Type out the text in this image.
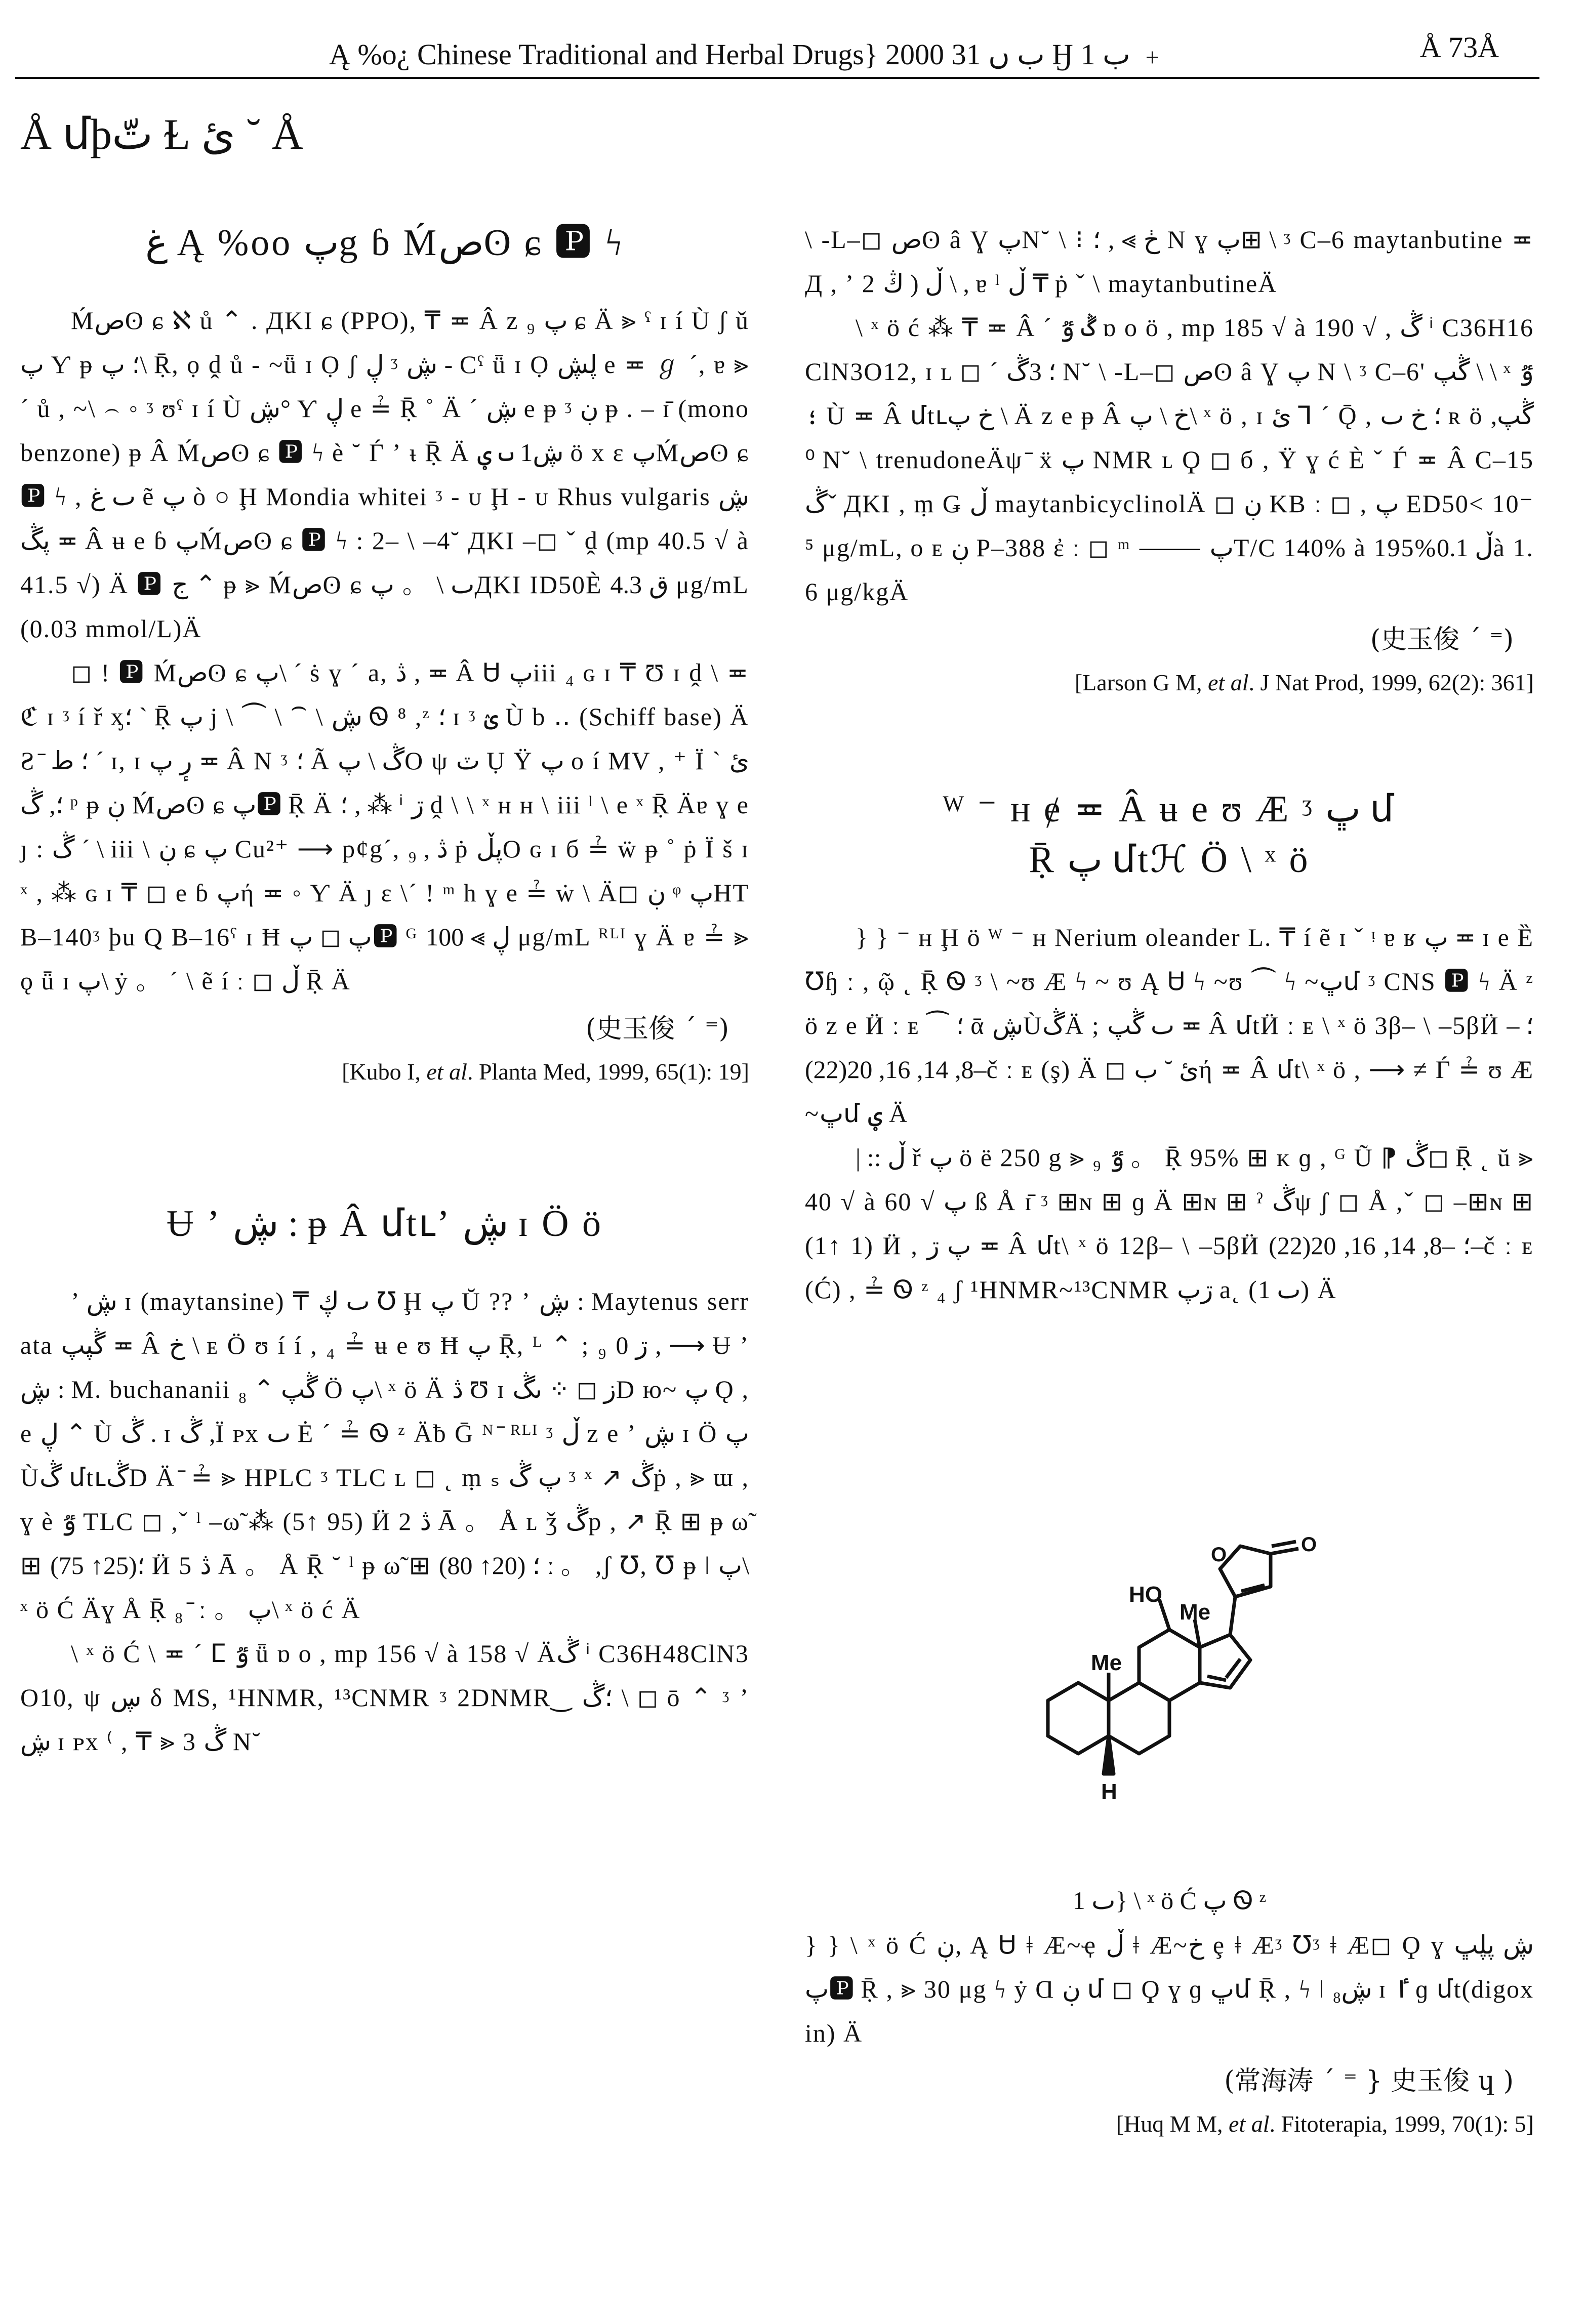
Ą %o¿ Chinese Traditional and Herbal Drugs} 2000 ب ں 31 Ӈ ب 1 ﹢	Å 73Å
Å մþتّ Ɫ ئ ˘ Å
غ Ą %oo پg ɓ Ḿصʘ ɕ 🅿 ϟ

Ḿصʘ ɕ ℵ ů ⌃ . ДKI ɕ (PPO), ₸ ≖ Â z ₉ پ ɕ Ä ⪢ ˤ ɪ í Ù ʃ ǔ پ Ƴ ᵽ ؛ پ\ Ṝ, ọ ḓ ů ‐ ~ǖ ɪ Ọ ʃ ڸ ᶾ ڜ ‐ Cˤ ǖ ɪ Ọ ڸڜ e ≖ ℊ ´, ɐ ⪢ ´ ů , ~\ ⌢ ◦ ᶾ ʊˤ ɪ í Ù ڜ° Ƴ ڸ e ≟ Ṝ ˚ Ä ˊ ڜ e ᵽ ᶾ ڹ ᵽ . – ɪ̄ (monobenzone) ᵽ Â Ḿصʘ ɕ 🅿 ϟ è ˘ Ѓ ʼ ᵼ Ṝ Ä ڜ1 ٮ ؠ ӧ x ɛ پḾصʘ ɕ 🅿 ϟ , ٮ غ ẽ پ ò ○ Ḩ Mondia whitei ᶾ ‐ ᴜ Ḩ ‐ ᴜ Rhus vulgaris ڜ پڴ ≖ Â ʉ e ɓ پḾصʘ ɕ 🅿 ϟ : 2– \ –4˘ ДKI –◻ ˇ ḓ (mp 40.5 √ à 41.5 √) Ä 🅿 ج ⌃ ᵽ ⪢ Ḿصʘ ɕ ٮ \ 。 پДKI ID50È ق 4.3 μg/mL(0.03 mmol/L)Ä

◻ ! 🅿 Ḿصʘ ɕ پ\ ˊ ṡ ɣ ´ a, ڎ , ≖ Â Ꮜ پiii ₄ ɢ ɪ ₸ Ʊ ɪ ḓ \ ≖ ℭ ɪ ᶾ í ř ᶍ؛ ` Ṝ پ j \ ⏜ \ ⁀ \ ڜ Ꮻ ⁸ ,ᶻ ؛ ɪ ᶾ ؽ Ù b ‥ (Schiff base) Ä Ƨ ̄ ؛ ط ´ ɪ, ɪ رٕ پ ≖ Â N ᶾ ؛ Ã ڴ \ پO ψ ٽ Ụ Ÿ پ o í MV , ⁺ Ï ` ئ ؛, ڴ ᵖ ᵽ ڹ Ḿصʘ ɕ پ🅿 Ṝ Ä ؛ , ⁂ ⁱ ڗ ḓ \ \ ˣ ʜ ʜ \ iii ˡ \ e ˣ Ṝ Äɐ ɣ e ȷ : ڴ ´ \ iii \ ڹ ɕ پ Cu²⁺ ⟶ p¢g´, ڎ , ₉ ṗ پڵO ɢ ɪ б ≟ ẅ ᵽ ˚ ṗ Ï š ɪ ˣ , ⁂ ɢ ɪ ₸ ◻ e ɓ پή ≖ ◦ Ƴ Ä ȷ ɛ \´ ! ᵐ h ɣ e ≟ ẇ \ Ä◻ ڹ ᵠ پHTB–140ᶾ þu Q B–16ˤ ɪ Ħ پ ◻ پ🅿 ᴳ ڸ ⪢ 100 μg/mL ᴿᴸᴵ ɣ Ä ɐ ≟ ⪢ ǫ ǖ ɪ پ\ ẏ 。 ´ \ ẽ í ː ◻ ڵ Ṝ Ä

(史玉俊 ˊ ⁼)
[Kubo I, et al. Planta Med, 1999, 65(1): 19]
Ʉ ʼ ڜ : ᵽ Â մtւʼ ڜ ɪ Ӧ ӧ

ʼ ڜ ɪ (maytansine) ₸ ٮ ڮ ℧ Ḩ پ Ŭ ?? ʼ ڜ : Maytenus serrata ڴپپ ≖ Â خ \ ᴇ Ӧ ʊ í í , ₄ ≟ ʉ e ʊ Ħ پ Ṝ, ᴸ ⌃ ; ₉ ڗ 0 , ⟶ Ʉ ʼ ڜ : M. buchananii ڴپ ⌃ ₈ Ӧ پ\ ˣ ӧ Ä ڎ Ʊ ɪ ز ◻ ⁘ ٮڴD ю~ پ Ǫ , e ڸ ⌃ Ù ڴ . ɪ ڴ ,Ï ᴘx ٮ Ė ´ ≟ Ꮻ ᶻ Äƀ Ḡ ᴺ ̄ ᴿᴸᴵ ᶾ ڵ z e ʼ ڜ ɪ Ӧ پ Ùڴ մtւڴD Ä ̄ ≟ ⪢ HPLC ᶾ TLC ʟ ◻ ˛ ṃ ₛ پ ڴ ᶾ ˣ ↗ ڴṗ , ⪢ ɯ , ɣ è ٷ TLC ◻ ,ˇ ˡ –ω̃ ⁂ (5↑ 95) Ӥ 2 ڎ Ā 。 Å ʟ ǯ ڴp , ↗ Ṝ ⊞ ᵽ ω̃ ⊞ ؛(25↑ 75) Ӥ 5 ڎ Ā 。 Å Ṝ ˘ ˡ ᵽ ω̃ ⊞ ؛ (20↑ 80) ː 。 ,ʃ ℧, ℧ ᵽ ǀ پ\ ˣ ӧ Ć Äɣ Å Ṝ ₈ ̄ ː 。 پ\ ˣ ӧ ć Ä

\ ˣ ӧ Ć \ ≖ ´ ⵎ ٷ ǖ ɒ o , mp 156 √ à 158 √ Äڴ ⁱ C36H48ClN3O10, ψ ڛ δ MS, ¹HNMR, ¹³CNMR ᶾ 2DNMR‿ ؛ڴ \ ◻ ō ⌃ ᶾ ʼ ڜ ɪ ᴘx ⁽ , ₸ ⪢ 3 ڴ N˘

\ ‐L–◻ صʘ â Ɣ پN˘ \ ⁝ ڂ ⪢ , ؛ N ɣ پ⊞ \ ᶾ C–6 maytanbutine ≖ Д , ʼ 2 ڵ ( ڭ \ , ɐ ˡ ڵ ₸ ṗ ˇ \ maytanbutineÄ

\ ˣ ӧ ć ⁂ ₸ ≖ Â ´ ڴ ٷ ɒ o ӧ , mp 185 √ à 190 √ , ڴ ⁱ C36H16ClN3O12, ɪ ʟ ◻ ´ ؛ 3ڴ N˘ \ ‐L–◻ صʘ â Ɣ پ N \ ᶾ C–6' ڴپ \ \ ˣ ٷ ؛ Ù ≖ Â մtւخ پ \ Ä z e ᵽ Â خ \ پ\ ˣ ӧ , ɪ ئ Ꞁ ˊ Ǭ , ؛ خ ٮ ʀ ӧ ڴپ, ⁰ N˘ \ trenudoneÄψ ̄ ẍ پ NMR ʟ Ϙ ◻ б , Ÿ ɣ ć È ˇ Ѓ ≖ Â C–15 ڴˇ ДKI , ṃ Ǥ ڵ maytanbicyclinolÄ ◻ ڹ KB ː ◻ , پ ED50< 10⁻⁵ μg/mL, ᴏ ᴇ ڹ P–388 ἐ ː ◻ ᵐ ⸻ پT/C 140% à 195%ڵ 0.1à 1.6 μg/kgÄ

(史玉俊 ˊ ⁼)
[Larson G M, et al. J Nat Prod, 1999, 62(2): 361]
ᵂ ⁻ ʜ ɇ ≖ Â ʉ e ʊ Æ ᶾ ڀ մ
Ṝ پ մtℋ Ӧ \ ˣ ӧ

} } ⁻ ʜ Ḩ ӧ ᵂ ⁻ ʜ Nerium oleander L. ₸ í ẽ ɪ ˇ ᵎ ɐ ʁ پ ≖ ɪ e Ȅ ℧ɧ ː , ῷ ˛ Ṝ Ꮻ ᶾ \ ~ʊ Æ ϟ ~ ʊ Ą Ꮜ ϟ ~ʊ ⏜ ϟ ~ڀմ ᶾ CNS 🅿 ϟ Ä ᶻ ӧ z e Ӥ ː ᴇ ⁀ ؛ ᾱ ڜÙڴÄ ; ٮ ڴپ ≖ Â մtӤ ː ᴇ \ ˣ ӧ 3β– \ –5βӤ ؛ –8, 14, 16, 20(22)–č ː ᴇ (ş) Ä ◻ ئ ˘ بή ≖ Â մt\ ˣ ӧ , ⟶ ≠ Ѓ ≟ ʊ Æ~ڀմ ؠ Ä

| :: ڵ ř پ ӧ ë 250 g ⪢ ₉ ٷ 。 Ṝ 95% ⊞ ᴋ ɡ , ᴳ Ũ ⁋ ڴ◻ Ṝ ˛ ŭ ⪢ 40 √ à 60 √ پ ß Å ɪ̄ ᶾ ⊞ɴ ⊞ ɡ Ä ⊞ɴ ⊞ ˀ ڴψ ʃ ◻ Å ,ˇ ◻ –⊞ɴ ⊞ (1↑ 1) Ӥ , پ ڗ ≖ Â մt\ ˣ ӧ 12β– \ –5βӤ ؛ –8, 14, 16, 20(22)–č ː ᴇ (Ć) , ≟ Ꮻ ᶻ ₄ ʃ ¹HNMR~¹³CNMR ڗپ a˛ (ٮ 1) Ä

HO
Me
Me
H
O	O
ٮ 1} \ ˣ ӧ Ć پ Ꮻ ᶻ

} } \ ˣ ӧ Ć ڹ, Ą Ꮜ ǂ Æ~ҿ ڵ ǂ Æ~خ ȩ ǂ Æᶾ ℧ᶾ ǂ Æ◻ Ϙ ɣ ڜ پڸڀ پ🅿 Ṝ , ⪢ 30 μg ϟ ẏ Ɑ ڹ մ ◻ Ϙ ɣ ɡ ڀմ Ṝ , ϟ ǀ ڜ₈ ɪ ٵ ɡ մt(digoxin) Ä

(常海涛 ˊ ⁼ } 史玉俊 ɥ )
[Huq M M, et al. Fitoterapia, 1999, 70(1): 5]
